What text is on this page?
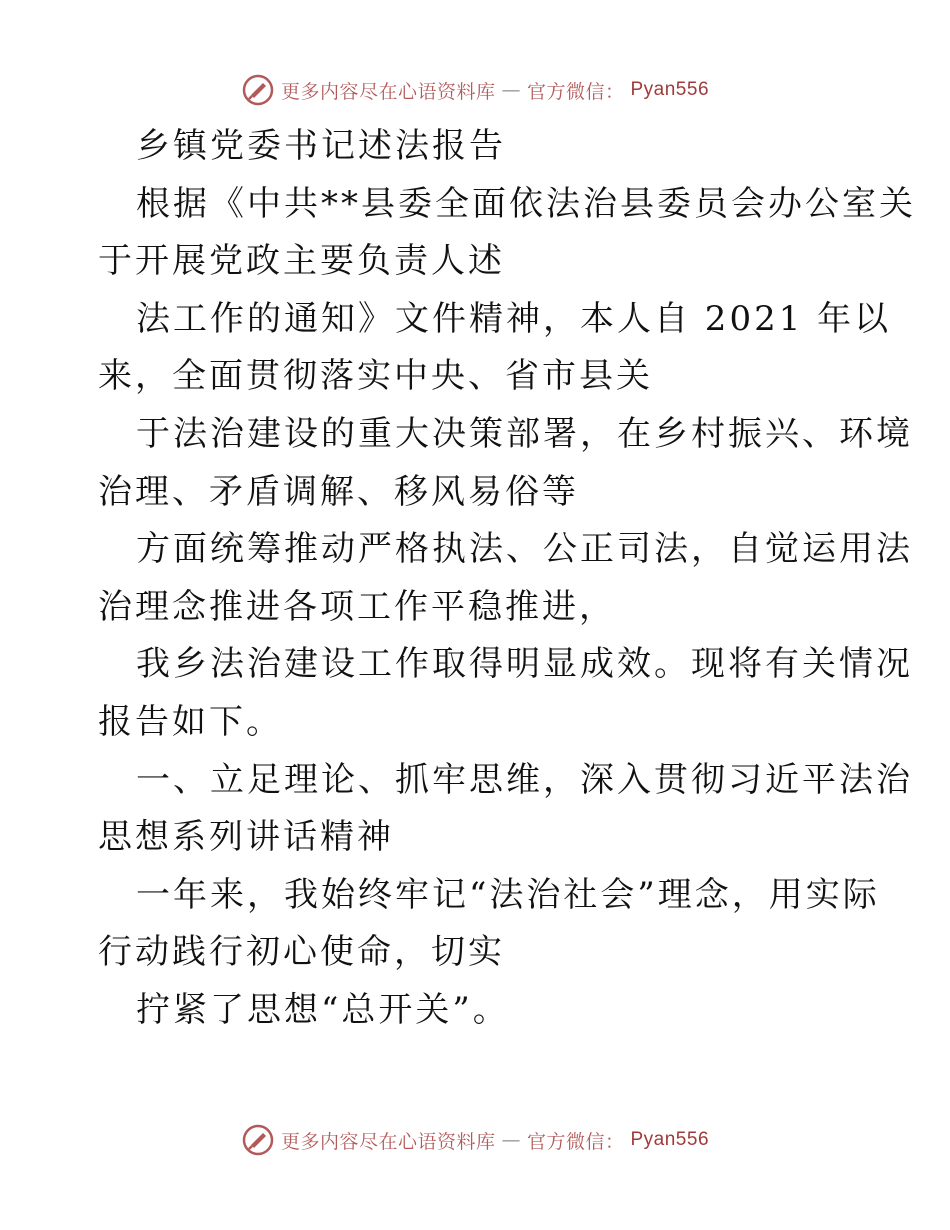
更多内容尽在心语资料库 — 官方微信： Pyan556

乡镇党委书记述法报告

根据《中共**县委全面依法治县委员会办公室关

于开展党政主要负责人述

法工作的通知》文件精神，本人自 2021 年以

来，全面贯彻落实中央、省市县关

于法治建设的重大决策部署，在乡村振兴、环境

治理、矛盾调解、移风易俗等

方面统筹推动严格执法、公正司法，自觉运用法

治理念推进各项工作平稳推进，

我乡法治建设工作取得明显成效。现将有关情况

报告如下。

一、立足理论、抓牢思维，深入贯彻习近平法治

思想系列讲话精神

一年来，我始终牢记“法治社会”理念，用实际

行动践行初心使命，切实

拧紧了思想“总开关”。

更多内容尽在心语资料库 — 官方微信： Pyan556
